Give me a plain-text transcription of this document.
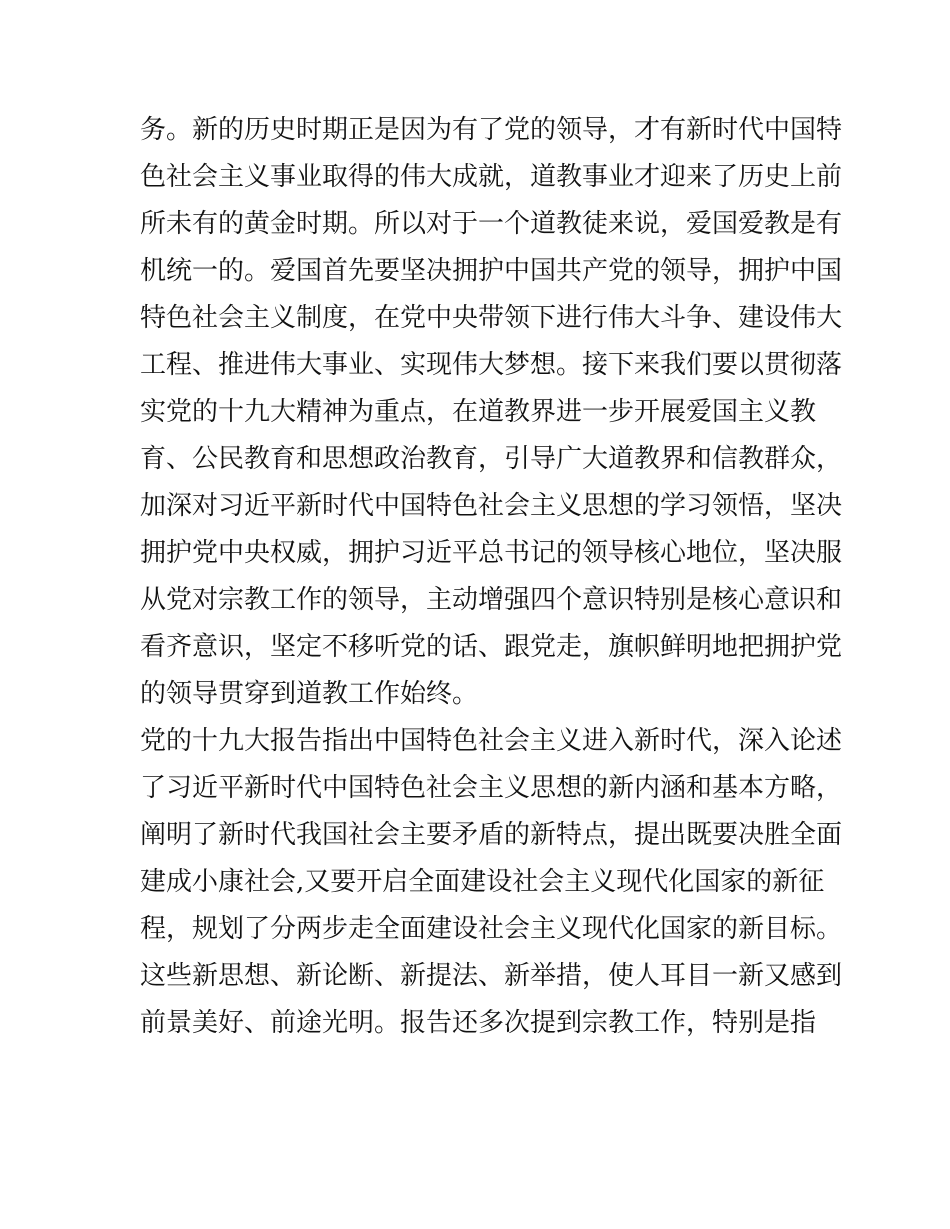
务。新的历史时期正是因为有了党的领导，才有新时代中国特
色社会主义事业取得的伟大成就，道教事业才迎来了历史上前
所未有的黄金时期。所以对于一个道教徒来说，爱国爱教是有
机统一的。爱国首先要坚决拥护中国共产党的领导，拥护中国
特色社会主义制度，在党中央带领下进行伟大斗争、建设伟大
工程、推进伟大事业、实现伟大梦想。接下来我们要以贯彻落
实党的十九大精神为重点，在道教界进一步开展爱国主义教
育、公民教育和思想政治教育，引导广大道教界和信教群众，
加深对习近平新时代中国特色社会主义思想的学习领悟，坚决
拥护党中央权威，拥护习近平总书记的领导核心地位，坚决服
从党对宗教工作的领导，主动增强四个意识特别是核心意识和
看齐意识，坚定不移听党的话、跟党走，旗帜鲜明地把拥护党
的领导贯穿到道教工作始终。
党的十九大报告指出中国特色社会主义进入新时代，深入论述
了习近平新时代中国特色社会主义思想的新内涵和基本方略，
阐明了新时代我国社会主要矛盾的新特点，提出既要决胜全面
建成小康社会,又要开启全面建设社会主义现代化国家的新征
程，规划了分两步走全面建设社会主义现代化国家的新目标。
这些新思想、新论断、新提法、新举措，使人耳目一新又感到
前景美好、前途光明。报告还多次提到宗教工作，特别是指
